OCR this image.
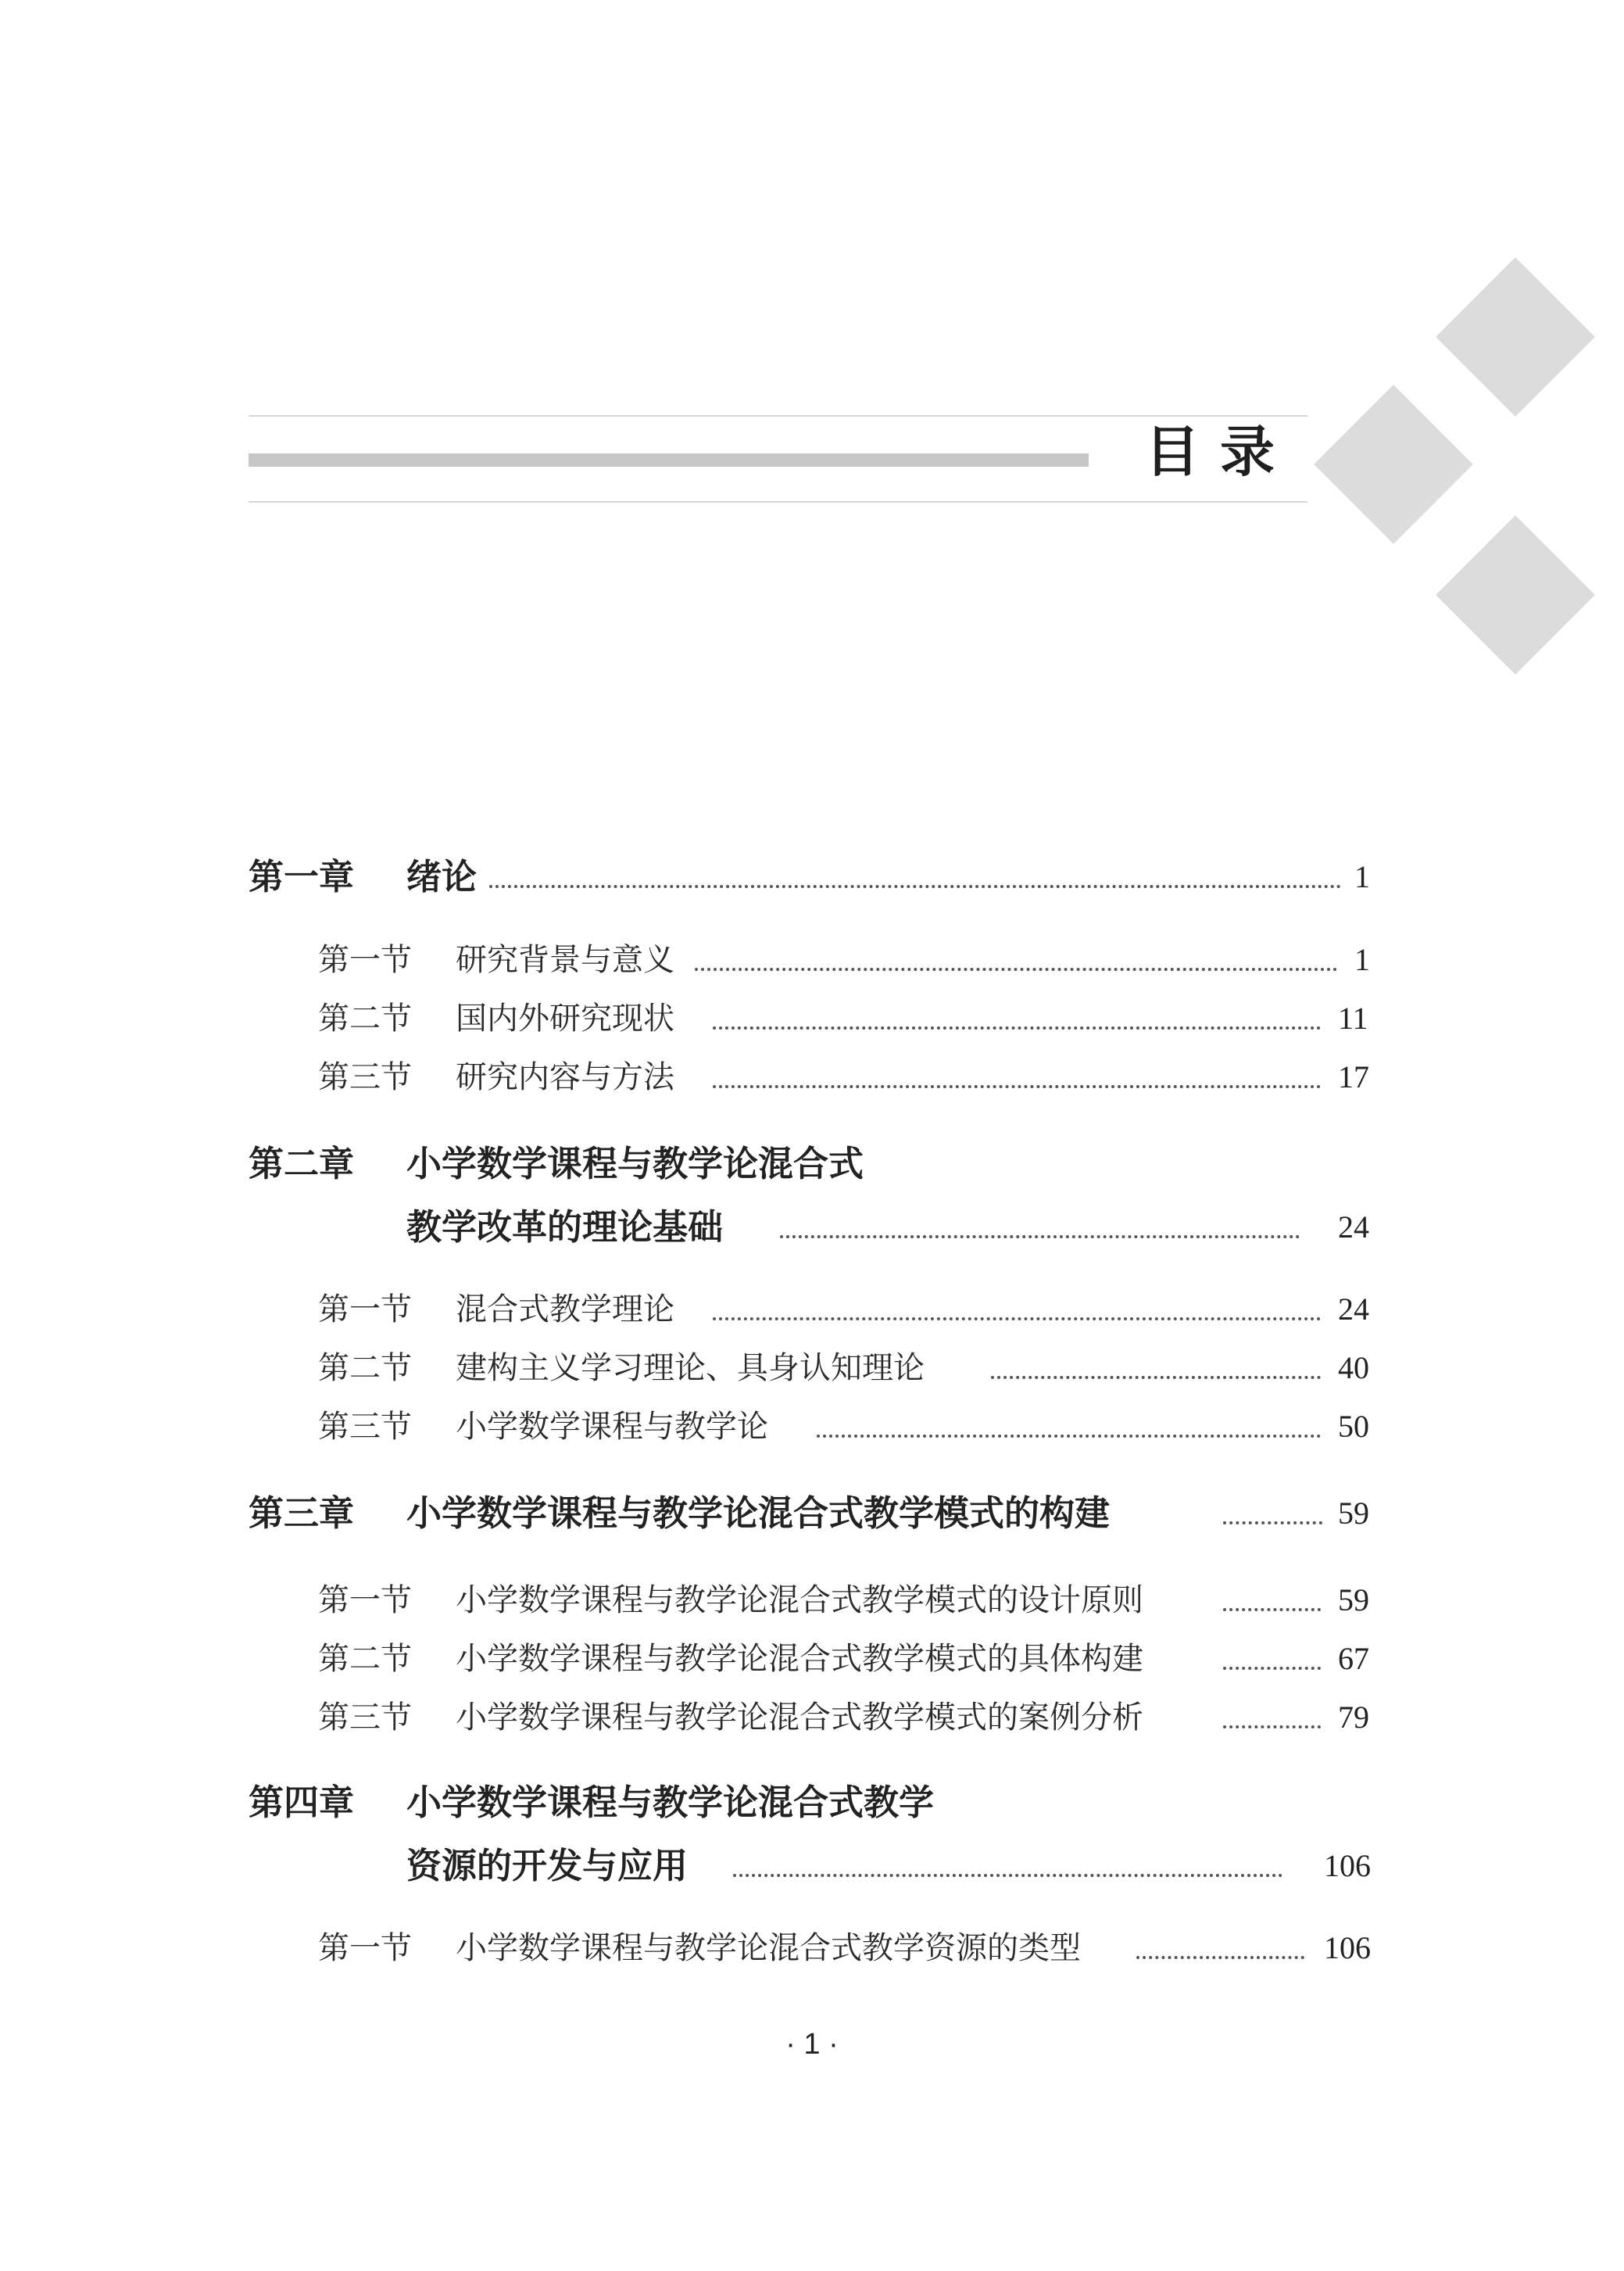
目录
第一章 绪论	1
第一节 研究背景与意义	1
第二节 国内外研究现状	11
第三节 研究内容与方法	17
第二章 小学数学课程与教学论混合式
教学改革的理论基础	24
第一节 混合式教学理论	24
第二节 建构主义学习理论、具身认知理论	40
第三节 小学数学课程与教学论	50
第三章 小学数学课程与教学论混合式教学模式的构建	59
第一节 小学数学课程与教学论混合式教学模式的设计原则	59
第二节 小学数学课程与教学论混合式教学模式的具体构建	67
第三节 小学数学课程与教学论混合式教学模式的案例分析	79
第四章 小学数学课程与教学论混合式教学
资源的开发与应用	106
第一节 小学数学课程与教学论混合式教学资源的类型	106
· 1 ·
